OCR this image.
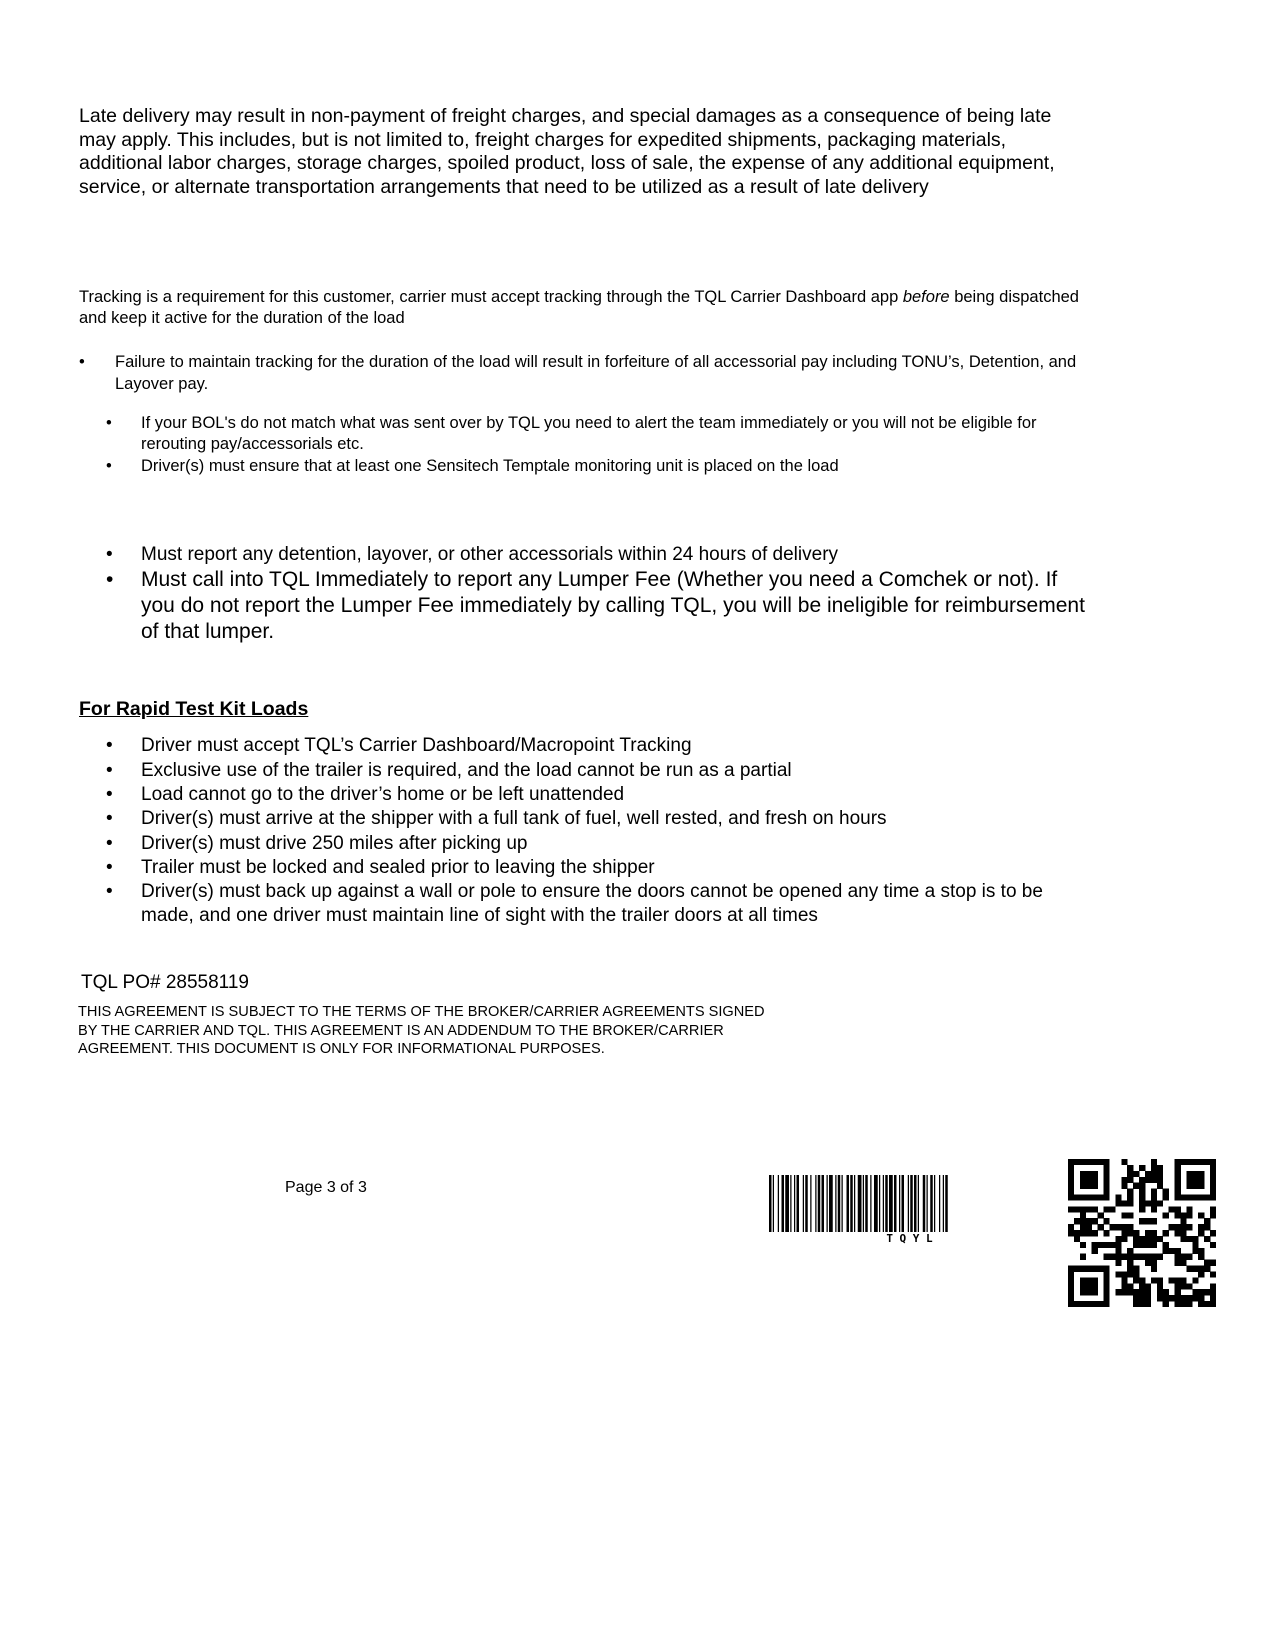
Late delivery may result in non-payment of freight charges, and special damages as a consequence of being late may apply. This includes, but is not limited to, freight charges for expedited shipments, packaging materials, additional labor charges, storage charges, spoiled product, loss of sale, the expense of any additional equipment, service, or alternate transportation arrangements that need to be utilized as a result of late delivery
Tracking is a requirement for this customer, carrier must accept tracking through the TQL Carrier Dashboard app before being dispatched and keep it active for the duration of the load
•	Failure to maintain tracking for the duration of the load will result in forfeiture of all accessorial pay including TONU’s, Detention, and Layover pay.
•	If your BOL's do not match what was sent over by TQL you need to alert the team immediately or you will not be eligible for rerouting pay/accessorials etc.
•	Driver(s) must ensure that at least one Sensitech Temptale monitoring unit is placed on the load
•	Must report any detention, layover, or other accessorials within 24 hours of delivery
•	Must call into TQL Immediately to report any Lumper Fee (Whether you need a Comchek or not). If you do not report the Lumper Fee immediately by calling TQL, you will be ineligible for reimbursement of that lumper.
For Rapid Test Kit Loads
•	Driver must accept TQL’s Carrier Dashboard/Macropoint Tracking
•	Exclusive use of the trailer is required, and the load cannot be run as a partial
•	Load cannot go to the driver’s home or be left unattended
•	Driver(s) must arrive at the shipper with a full tank of fuel, well rested, and fresh on hours
•	Driver(s) must drive 250 miles after picking up
•	Trailer must be locked and sealed prior to leaving the shipper
•	Driver(s) must back up against a wall or pole to ensure the doors cannot be opened any time a stop is to be made, and one driver must maintain line of sight with the trailer doors at all times
TQL PO# 28558119
THIS AGREEMENT IS SUBJECT TO THE TERMS OF THE BROKER/CARRIER AGREEMENTS SIGNED BY THE CARRIER AND TQL. THIS AGREEMENT IS AN ADDENDUM TO THE BROKER/CARRIER AGREEMENT. THIS DOCUMENT IS ONLY FOR INFORMATIONAL PURPOSES.
Page 3 of 3
T Q Y L
